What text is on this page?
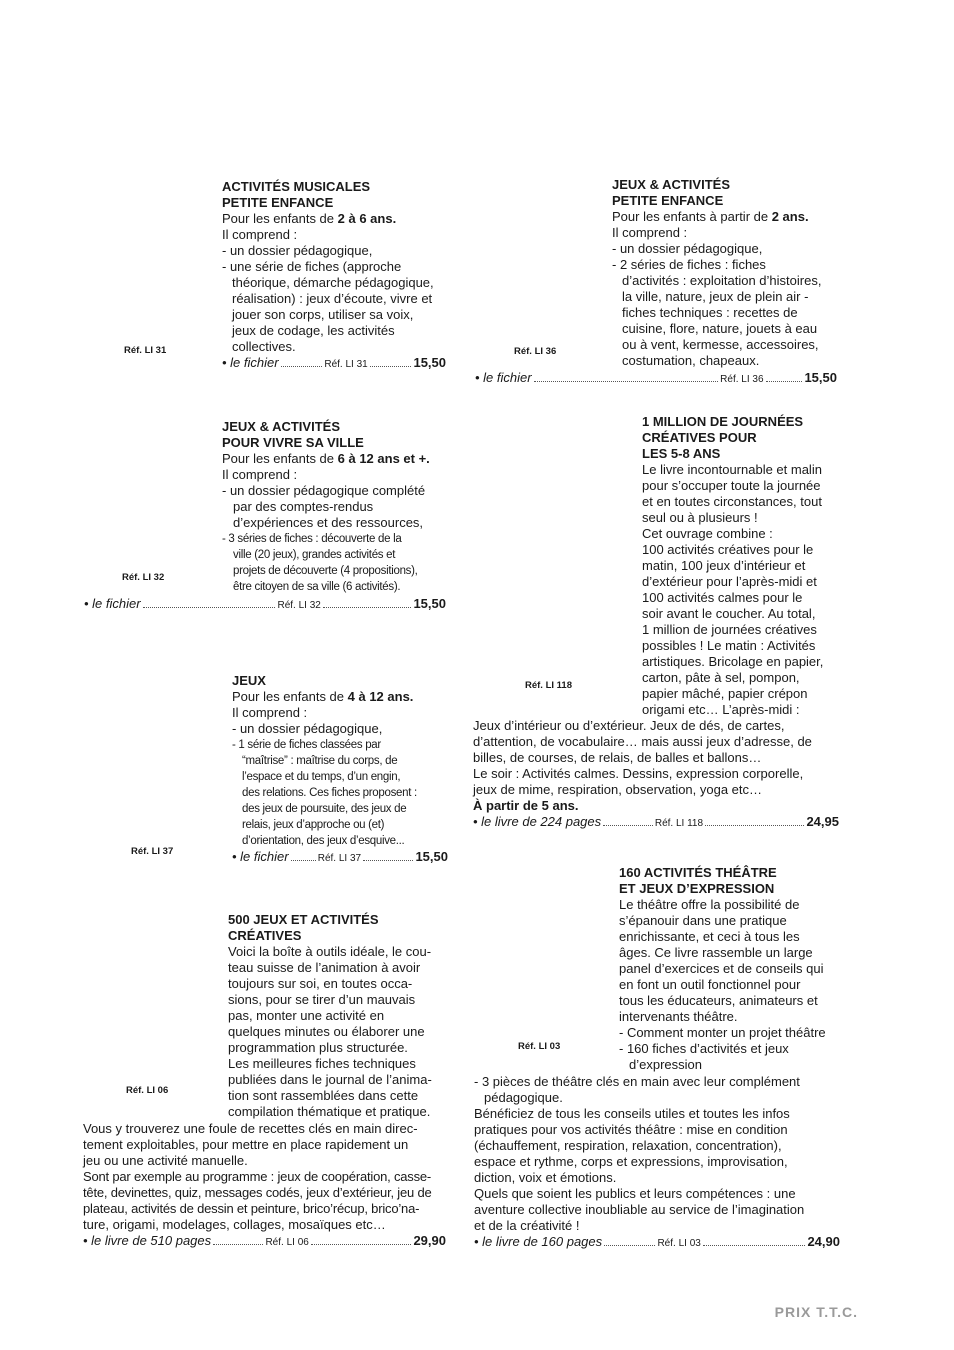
Réf. LI 31
ACTIVITÉS MUSICALES
PETITE ENFANCE
Pour les enfants de 2 à 6 ans.
Il comprend :
- un dossier pédagogique,
- une série de fiches (approche
théorique, démarche pédagogique,
réalisation) : jeux d’écoute, vivre et
jouer son corps, utiliser sa voix,
jeux de codage, les activités
collectives.
• le fichier	Réf. LI 31	15,50
Réf. LI 36
JEUX & ACTIVITÉS
PETITE ENFANCE
Pour les enfants à partir de 2 ans.
Il comprend :
- un dossier pédagogique,
- 2 séries de fiches : fiches
d’activités : exploitation d’histoires,
la ville, nature, jeux de plein air -
fiches techniques : recettes de
cuisine, flore, nature, jouets à eau
ou à vent, kermesse, accessoires,
costumation, chapeaux.
• le fichier	Réf. LI 36	15,50
Réf. LI 32
JEUX & ACTIVITÉS
POUR VIVRE SA VILLE
Pour les enfants de 6 à 12 ans et +.
Il comprend :
- un dossier pédagogique complété
par des comptes-rendus
d’expériences et des ressources,
- 3 séries de fiches : découverte de la
ville (20 jeux), grandes activités et
projets de découverte (4 propositions),
être citoyen de sa ville (6 activités).
• le fichier	Réf. LI 32	15,50
Réf. LI 118
1 MILLION DE JOURNÉES
CRÉATIVES POUR
LES 5-8 ANS
Le livre incontournable et malin
pour s’occuper toute la journée
et en toutes circonstances, tout
seul ou à plusieurs !
Cet ouvrage combine :
100 activités créatives pour le
matin, 100 jeux d’intérieur et
d’extérieur pour l’après-midi et
100 activités calmes pour le
soir avant le coucher. Au total,
1 million de journées créatives
possibles ! Le matin : Activités
artistiques. Bricolage en papier,
carton, pâte à sel, pompon,
papier mâché, papier crépon
origami etc… L’après-midi :
Jeux d’intérieur ou d’extérieur. Jeux de dés, de cartes,
d’attention, de vocabulaire… mais aussi jeux d’adresse, de
billes, de courses, de relais, de balles et ballons…
Le soir : Activités calmes. Dessins, expression corporelle,
jeux de mime, respiration, observation, yoga etc…
À partir de 5 ans.
• le livre de 224 pages	Réf. LI 118	24,95
Réf. LI 37
JEUX
Pour les enfants de 4 à 12 ans.
Il comprend :
- un dossier pédagogique,
- 1 série de fiches classées par
“maîtrise” : maîtrise du corps, de
l’espace et du temps, d’un engin,
des relations. Ces fiches proposent :
des jeux de poursuite, des jeux de
relais, jeux d’approche ou (et)
d’orientation, des jeux d’esquive...
• le fichier	Réf. LI 37	15,50
Réf. LI 03
160 ACTIVITÉS THÉÂTRE
ET JEUX D’EXPRESSION
Le théâtre offre la possibilité de
s’épanouir dans une pratique
enrichissante, et ceci à tous les
âges. Ce livre rassemble un large
panel d’exercices et de conseils qui
en font un outil fonctionnel pour
tous les éducateurs, animateurs et
intervenants théâtre.
- Comment monter un projet théâtre
- 160 fiches d’activités et jeux
d’expression
- 3 pièces de théâtre clés en main avec leur complément
pédagogique.
Bénéficiez de tous les conseils utiles et toutes les infos
pratiques pour vos activités théâtre : mise en condition
(échauffement, respiration, relaxation, concentration),
espace et rythme, corps et expressions, improvisation,
diction, voix et émotions.
Quels que soient les publics et leurs compétences : une
aventure collective inoubliable au service de l’imagination
et de la créativité !
• le livre de 160 pages	Réf. LI 03	24,90
Réf. LI 06
500 JEUX ET ACTIVITÉS
CRÉATIVES
Voici la boîte à outils idéale, le cou-
teau suisse de l’animation à avoir
toujours sur soi, en toutes occa-
sions, pour se tirer d’un mauvais
pas, monter une activité en
quelques minutes ou élaborer une
programmation plus structurée.
Les meilleures fiches techniques
publiées dans le journal de l’anima-
tion sont rassemblées dans cette
compilation thématique et pratique.
Vous y trouverez une foule de recettes clés en main direc-
tement exploitables, pour mettre en place rapidement un
jeu ou une activité manuelle.
Sont par exemple au programme : jeux de coopération, casse-
tête, devinettes, quiz, messages codés, jeux d’extérieur, jeu de
plateau, activités de dessin et peinture, brico’récup, brico’na-
ture, origami, modelages, collages, mosaïques etc…
• le livre de 510 pages	Réf. LI 06	29,90
PRIX T.T.C.
